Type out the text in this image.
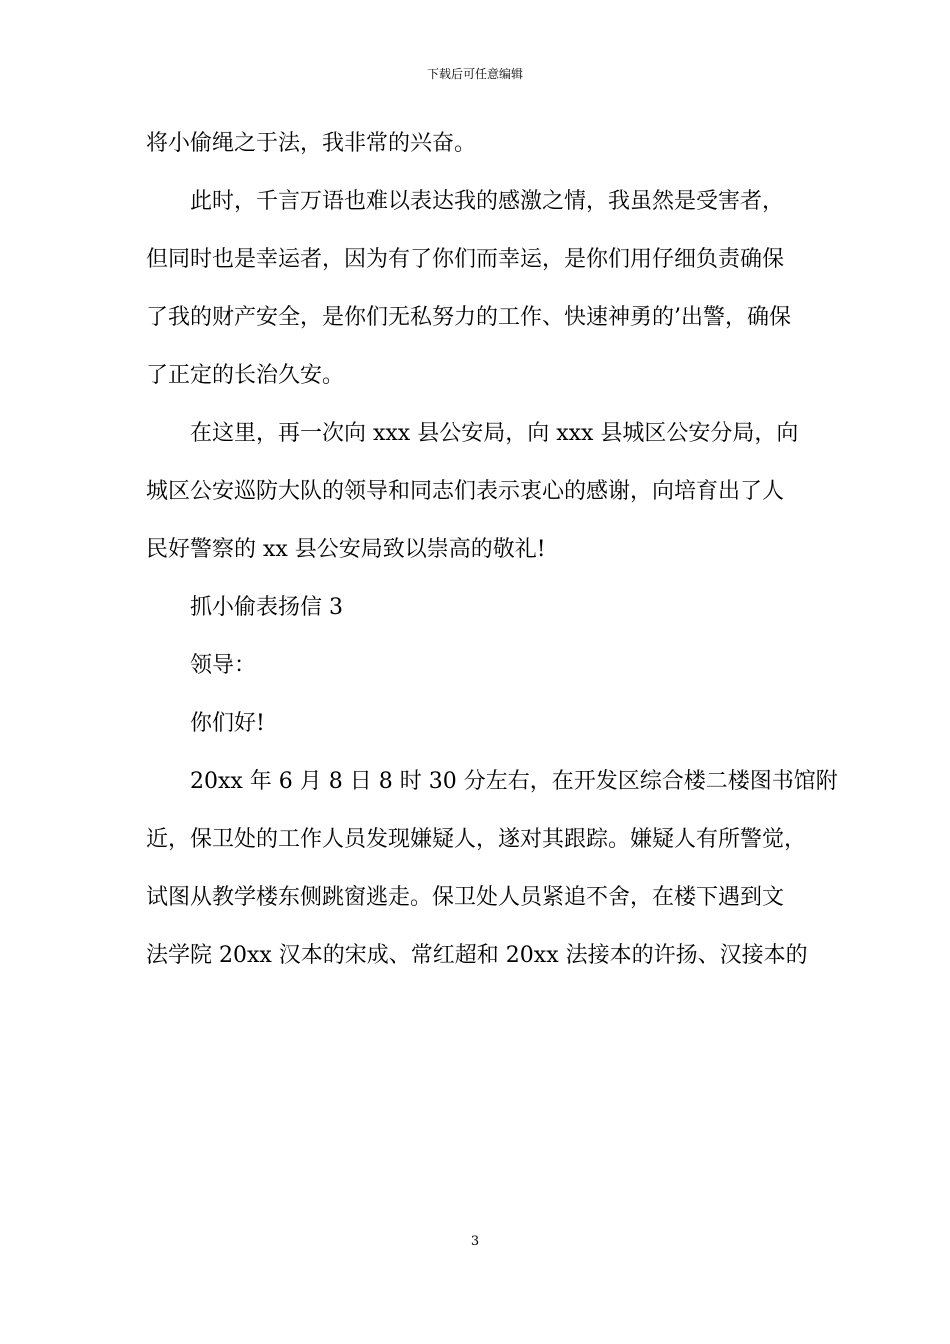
下载后可任意编辑

将小偷绳之于法，我非常的兴奋。

此时，千言万语也难以表达我的感激之情，我虽然是受害者，

但同时也是幸运者，因为有了你们而幸运，是你们用仔细负责确保

了我的财产安全，是你们无私努力的工作、快速神勇的’出警，确保

了正定的长治久安。

在这里，再一次向 xxx 县公安局，向 xxx 县城区公安分局，向

城区公安巡防大队的领导和同志们表示衷心的感谢，向培育出了人

民好警察的 xx 县公安局致以崇高的敬礼!

抓小偷表扬信 3

领导：

你们好!

20xx 年 6 月 8 日 8 时 30 分左右，在开发区综合楼二楼图书馆附

近，保卫处的工作人员发现嫌疑人，遂对其跟踪。嫌疑人有所警觉，

试图从教学楼东侧跳窗逃走。保卫处人员紧追不舍，在楼下遇到文

法学院 20xx 汉本的宋成、常红超和 20xx 法接本的许扬、汉接本的

3
